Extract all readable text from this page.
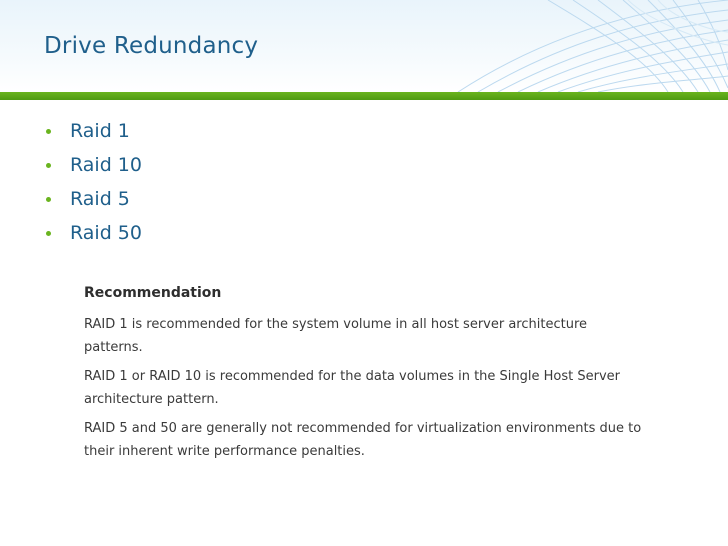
Drive Redundancy
Raid 1
Raid 10
Raid 5
Raid 50
Recommendation

RAID 1 is recommended for the system volume in all host server architecture patterns.

RAID 1 or RAID 10 is recommended for the data volumes in the Single Host Server architecture pattern.

RAID 5 and 50 are generally not recommended for virtualization environments due to their inherent write performance penalties.
